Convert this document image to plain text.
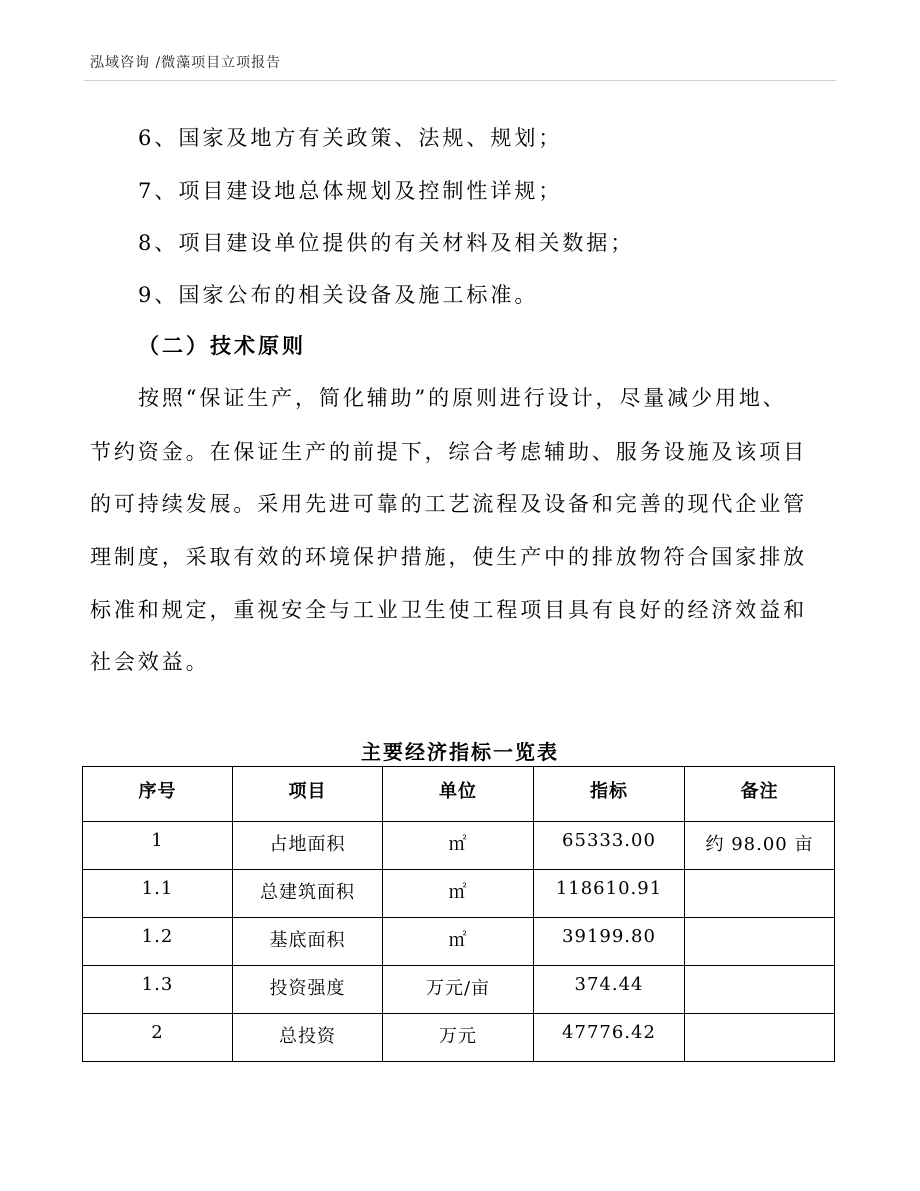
泓域咨询 /微藻项目立项报告
6、国家及地方有关政策、法规、规划；
7、项目建设地总体规划及控制性详规；
8、项目建设单位提供的有关材料及相关数据；
9、国家公布的相关设备及施工标准。
（二）技术原则
按照“保证生产，简化辅助”的原则进行设计，尽量减少用地、
节约资金。在保证生产的前提下，综合考虑辅助、服务设施及该项目
的可持续发展。采用先进可靠的工艺流程及设备和完善的现代企业管
理制度，采取有效的环境保护措施，使生产中的排放物符合国家排放
标准和规定，重视安全与工业卫生使工程项目具有良好的经济效益和
社会效益。
主要经济指标一览表
序号	项目	单位	指标	备注
1	占地面积	㎡	65333.00	约 98.00 亩
1.1	总建筑面积	㎡	118610.91	
1.2	基底面积	㎡	39199.80	
1.3	投资强度	万元/亩	374.44	
2	总投资	万元	47776.42	
